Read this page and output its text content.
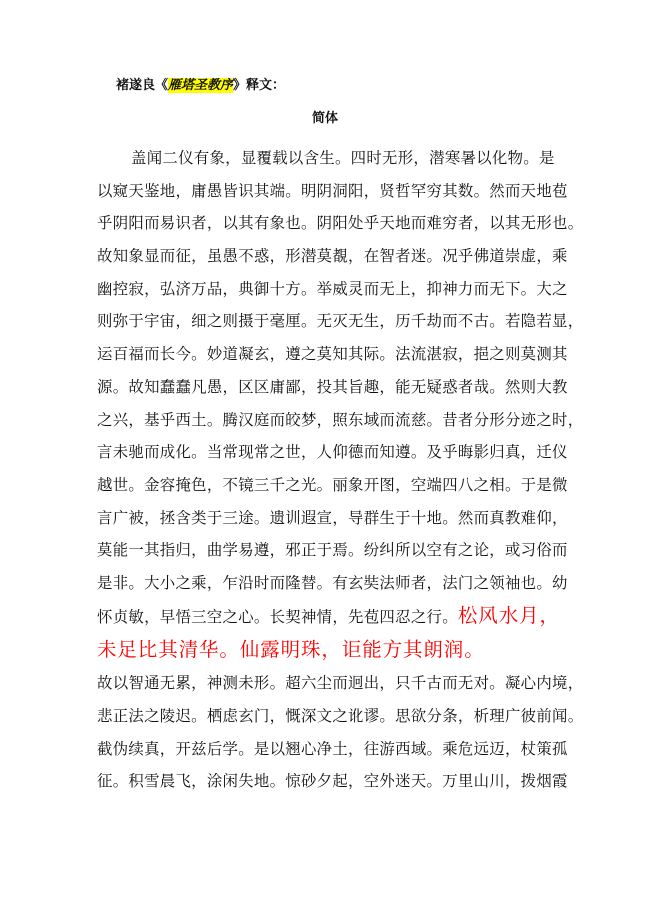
褚遂良《雁塔圣教序》释文：
简体
盖闻二仪有象，显覆载以含生。四时无形，潜寒暑以化物。是
以窥天鉴地，庸愚皆识其端。明阴洞阳，贤哲罕穷其数。然而天地苞
乎阴阳而易识者，以其有象也。阴阳处乎天地而难穷者，以其无形也。
故知象显而征，虽愚不惑，形潜莫覩，在智者迷。况乎佛道崇虚，乘
幽控寂，弘济万品，典御十方。举威灵而无上，抑神力而无下。大之
则弥于宇宙，细之则摄于毫厘。无灭无生，历千劫而不古。若隐若显，
运百福而长今。妙道凝玄，遵之莫知其际。法流湛寂，挹之则莫测其
源。故知蠢蠢凡愚，区区庸鄙，投其旨趣，能无疑惑者哉。然则大教
之兴，基乎西土。腾汉庭而皎梦，照东域而流慈。昔者分形分迹之时，
言未驰而成化。当常现常之世，人仰德而知遵。及乎晦影归真，迁仪
越世。金容掩色，不镜三千之光。丽象开图，空端四八之相。于是微
言广被，拯含类于三途。遗训遐宣，导群生于十地。然而真教难仰，
莫能一其指归，曲学易遵，邪正于焉。纷纠所以空有之论，或习俗而
是非。大小之乘，乍沿时而隆替。有玄奘法师者，法门之领袖也。幼
怀贞敏，早悟三空之心。长契神情，先苞四忍之行。松风水月，
未足比其清华。仙露明珠，讵能方其朗润。
故以智通无累，神测未形。超六尘而迥出，只千古而无对。凝心内境，
悲正法之陵迟。栖虑玄门，慨深文之讹谬。思欲分条，析理广彼前闻。
截伪续真，开兹后学。是以翘心净土，往游西域。乘危远迈，杖策孤
征。积雪晨飞，涂闲失地。惊砂夕起，空外迷天。万里山川，拨烟霞
